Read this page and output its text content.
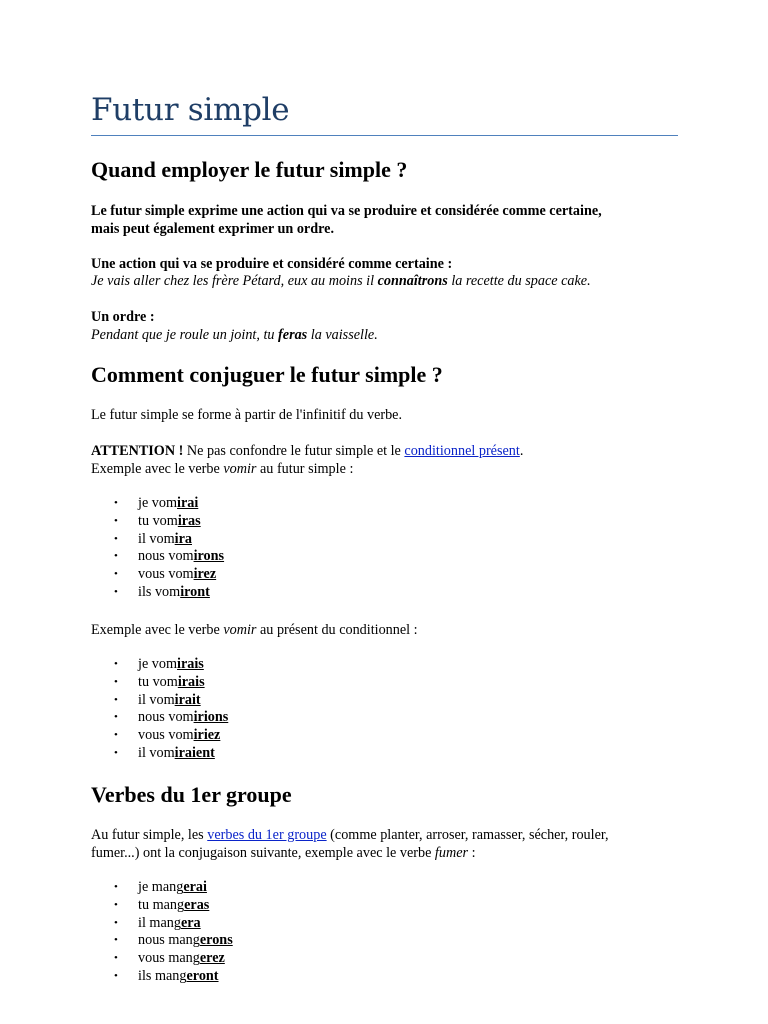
Futur simple
Quand employer le futur simple ?
Le futur simple exprime une action qui va se produire et considérée comme certaine,
mais peut également exprimer un ordre.
Une action qui va se produire et considéré comme certaine :
Je vais aller chez les frère Pétard, eux au moins il connaîtrons la recette du space cake.
Un ordre :
Pendant que je roule un joint, tu feras la vaisselle.
Comment conjuguer le futur simple ?
Le futur simple se forme à partir de l'infinitif du verbe.
ATTENTION ! Ne pas confondre le futur simple et le conditionnel présent.
Exemple avec le verbe vomir au futur simple :
• je vomirai
• tu vomiras
• il vomira
• nous vomirons
• vous vomirez
• ils vomiront
Exemple avec le verbe vomir au présent du conditionnel :
• je vomirais
• tu vomirais
• il vomirait
• nous vomirions
• vous vomiriez
• il vomiraient
Verbes du 1er groupe
Au futur simple, les verbes du 1er groupe (comme planter, arroser, ramasser, sécher, rouler,
fumer...) ont la conjugaison suivante, exemple avec le verbe fumer :
• je mangerai
• tu mangeras
• il mangera
• nous mangerons
• vous mangerez
• ils mangeront
